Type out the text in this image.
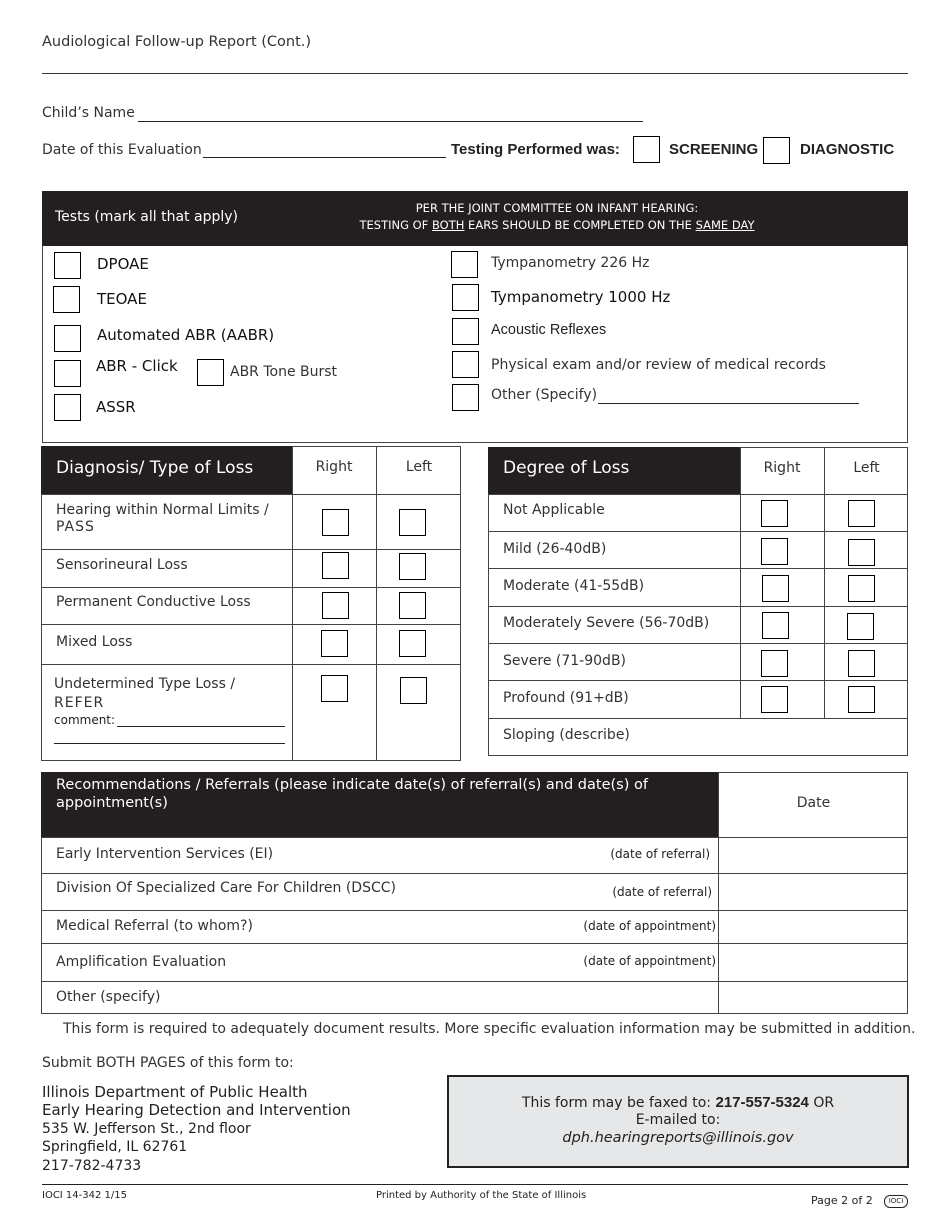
Audiological Follow-up Report (Cont.)
Child’s Name
Date of this Evaluation	Testing Performed was:	SCREENING	DIAGNOSTIC
Tests (mark all that apply)
PER THE JOINT COMMITTEE ON INFANT HEARING:
TESTING OF BOTH EARS SHOULD BE COMPLETED ON THE SAME DAY
DPOAE
TEOAE
Automated ABR (AABR)
ABR - Click	ABR Tone Burst
ASSR
Tympanometry 226 Hz
Tympanometry 1000 Hz
Acoustic Reflexes
Physical exam and/or review of medical records
Other (Specify)
Diagnosis/ Type of Loss	Right	Left
Hearing within Normal Limits /
PASS
Sensorineural Loss
Permanent Conductive Loss
Mixed Loss
Undetermined Type Loss /
REFER
comment:
Degree of Loss	Right	Left
Not Applicable
Mild (26-40dB)
Moderate (41-55dB)
Moderately Severe (56-70dB)
Severe (71-90dB)
Profound (91+dB)
Sloping (describe)
Recommendations / Referrals (please indicate date(s) of referral(s) and date(s) of appointment(s)	Date
Early Intervention Services (EI)	(date of referral)
Division Of Specialized Care For Children (DSCC)	(date of referral)
Medical Referral (to whom?)	(date of appointment)
Amplification Evaluation	(date of appointment)
Other (specify)
This form is required to adequately document results. More specific evaluation information may be submitted in addition.
Submit BOTH PAGES of this form to:
Illinois Department of Public Health
Early Hearing Detection and Intervention
535 W. Jefferson St., 2nd floor
Springfield, IL 62761
217-782-4733
This form may be faxed to: 217-557-5324 OR
E-mailed to:
dph.hearingreports@illinois.gov
IOCI 14-342 1/15	Printed by Authority of the State of Illinois	Page 2 of 2	IOCI
